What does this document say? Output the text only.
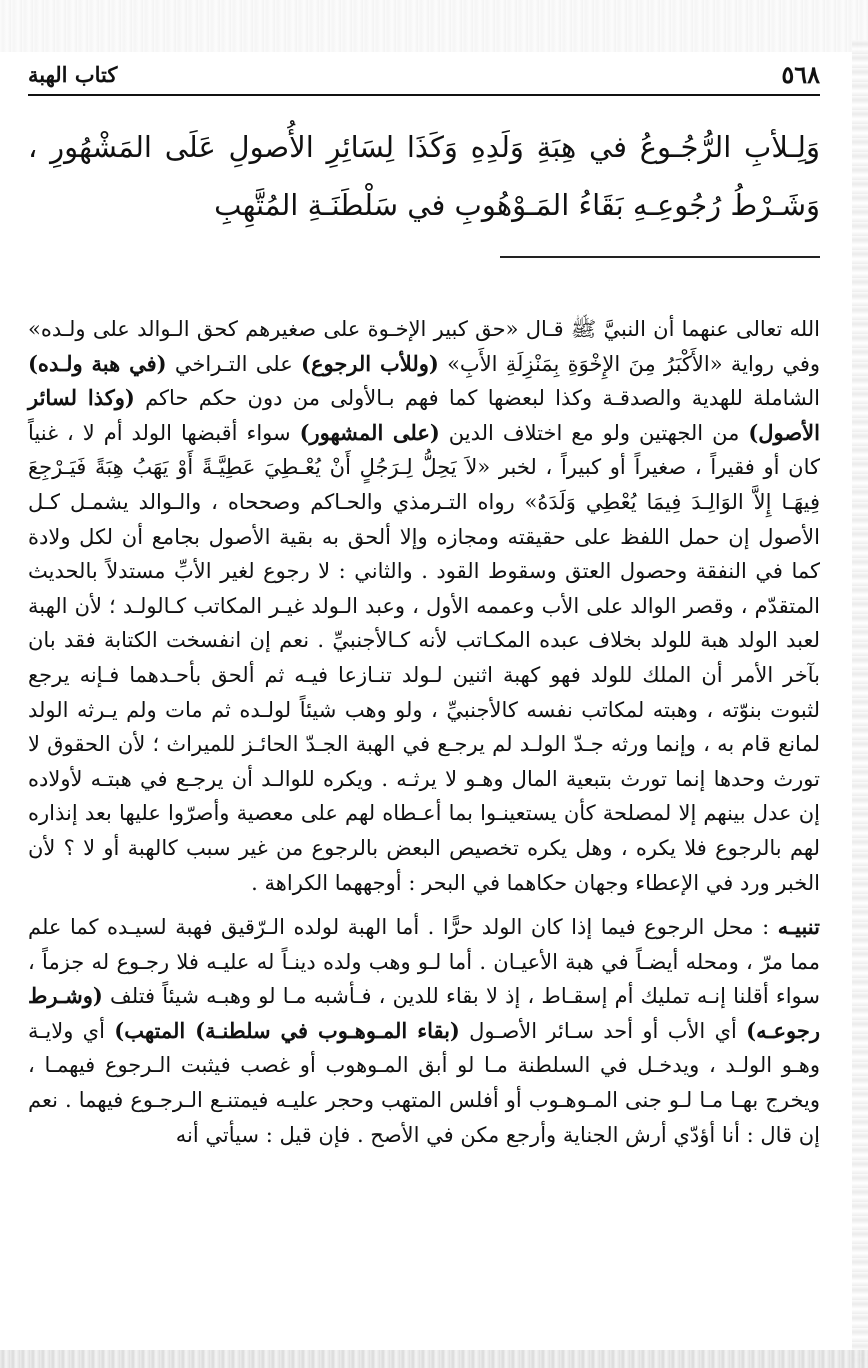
٥٦٨
كتاب الهبة
وَلِـلأبِ الرُّجُـوعُ في هِبَةِ وَلَدِهِ وَكَذَا لِسَائِرِ الأُصولِ عَلَى المَشْهُورِ ، وَشَـرْطُ رُجُوعِـهِ بَقَاءُ المَـوْهُوبِ في سَلْطَنَـةِ المُتَّهِبِ

الله تعالى عنهما أن النبيَّ ﷺ قـال «حق كبير الإخـوة على صغيرهم كحق الـوالد على ولـده» وفي رواية «الأَكْبَرُ مِنَ الإِخْوَةِ بِمَنْزِلَةِ الأَبِ» (وللأب الرجوع) على التـراخي (في هبة ولـده) الشاملة للهدية والصدقـة وكذا لبعضها كما فهم بـالأولى من دون حكم حاكم (وكذا لسائر الأصول) من الجهتين ولو مع اختلاف الدين (على المشهور) سواء أقبضها الولد أم لا ، غنياً كان أو فقيراً ، صغيراً أو كبيراً ، لخبر «لاَ يَحِلُّ لِـرَجُلٍ أَنْ يُعْـطِيَ عَطِيَّـةً أَوْ يَهَبُ هِبَةً فَيَـرْجِعَ فِيهَـا إِلاَّ الوَالِـدَ فِيمَا يُعْطِي وَلَدَهُ» رواه التـرمذي والحـاكم وصححاه ، والـوالد يشمـل كـل الأصول إن حمل اللفظ على حقيقته ومجازه وإلا ألحق به بقية الأصول بجامع أن لكل ولادة كما في النفقة وحصول العتق وسقوط القود . والثاني : لا رجوع لغير الأبِّ مستدلاً بالحديث المتقدّم ، وقصر الوالد على الأب وعممه الأول ، وعبد الـولد غيـر المكاتب كـالولـد ؛ لأن الهبة لعبد الولد هبة للولد بخلاف عبده المكـاتب لأنه كـالأجنبيِّ . نعم إن انفسخت الكتابة فقد بان بآخر الأمر أن الملك للولد فهو كهبة اثنين لـولد تنـازعا فيـه ثم ألحق بأحـدهما فـإنه يرجع لثبوت بنوّته ، وهبته لمكاتب نفسه كالأجنبيِّ ، ولو وهب شيئاً لولـده ثم مات ولم يـرثه الولد لمانع قام به ، وإنما ورثه جـدّ الولـد لم يرجـع في الهبة الجـدّ الحائـز للميراث ؛ لأن الحقوق لا تورث وحدها إنما تورث بتبعية المال وهـو لا يرثـه . ويكره للوالـد أن يرجـع في هبتـه لأولاده إن عدل بينهم إلا لمصلحة كأن يستعينـوا بما أعـطاه لهم على معصية وأصرّوا عليها بعد إنذاره لهم بالرجوع فلا يكره ، وهل يكره تخصيص البعض بالرجوع من غير سبب كالهبة أو لا ؟ لأن الخبر ورد في الإعطاء وجهان حكاهما في البحر : أوجههما الكراهة .

تنبيـه : محل الرجوع فيما إذا كان الولد حرًّا . أما الهبة لولده الـرّقيق فهبة لسيـده كما علم مما مرّ ، ومحله أيضـاً في هبة الأعيـان . أما لـو وهب ولده دينـاً له عليـه فلا رجـوع له جزماً ، سواء أقلنا إنـه تمليك أم إسقـاط ، إذ لا بقاء للدين ، فـأشبه مـا لو وهبـه شيئاً فتلف (وشـرط رجوعـه) أي الأب أو أحد سـائر الأصـول (بقاء المـوهـوب في سلطنـة) المتهب) أي ولايـة وهـو الولـد ، ويدخـل في السلطنة مـا لو أبق المـوهوب أو غصب فيثبت الـرجوع فيهمـا ، ويخرج بهـا مـا لـو جنى المـوهـوب أو أفلس المتهب وحجر عليـه فيمتنـع الـرجـوع فيهما . نعم إن قال : أنا أؤدّي أرش الجناية وأرجع مكن في الأصح . فإن قيل : سيأتي أنه
